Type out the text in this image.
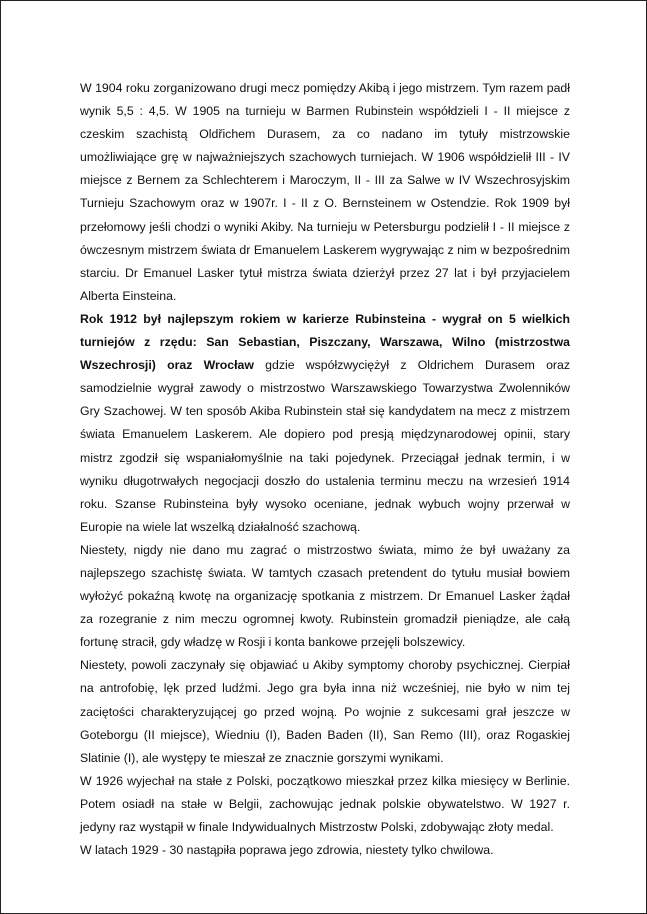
W 1904 roku zorganizowano drugi mecz pomiędzy Akibą i jego mistrzem. Tym razem padł wynik 5,5 : 4,5. W 1905 na turnieju w Barmen Rubinstein współdzieli I - II miejsce z czeskim szachistą Oldřichem Durasem, za co nadano im tytuły mistrzowskie umożliwiające grę w najważniejszych szachowych turniejach. W 1906 współdzielił III - IV miejsce z Bernem za Schlechterem i Maroczym, II - III za Salwe w IV Wszechrosyjskim Turnieju Szachowym oraz w 1907r. I - II z O. Bernsteinem w Ostendzie. Rok 1909 był przełomowy jeśli chodzi o wyniki Akiby. Na turnieju w Petersburgu podzielił I - II miejsce z ówczesnym mistrzem świata dr Emanuelem Laskerem wygrywając z nim w bezpośrednim starciu. Dr Emanuel Lasker tytuł mistrza świata dzierżył przez 27 lat i był przyjacielem Alberta Einsteina.

Rok 1912 był najlepszym rokiem w karierze Rubinsteina - wygrał on 5 wielkich turniejów z rzędu: San Sebastian, Piszczany, Warszawa, Wilno (mistrzostwa Wszechrosji) oraz Wrocław gdzie współzwyciężył z Oldrichem Durasem oraz samodzielnie wygrał zawody o mistrzostwo Warszawskiego Towarzystwa Zwolenników Gry Szachowej. W ten sposób Akiba Rubinstein stał się kandydatem na mecz z mistrzem świata Emanuelem Laskerem. Ale dopiero pod presją międzynarodowej opinii, stary mistrz zgodził się wspaniałomyślnie na taki pojedynek. Przeciągał jednak termin, i w wyniku długotrwałych negocjacji doszło do ustalenia terminu meczu na wrzesień 1914 roku. Szanse Rubinsteina były wysoko oceniane, jednak wybuch wojny przerwał w Europie na wiele lat wszelką działalność szachową.

Niestety, nigdy nie dano mu zagrać o mistrzostwo świata, mimo że był uważany za najlepszego szachistę świata. W tamtych czasach pretendent do tytułu musiał bowiem wyłożyć pokaźną kwotę na organizację spotkania z mistrzem. Dr Emanuel Lasker żądał za rozegranie z nim meczu ogromnej kwoty. Rubinstein gromadził pieniądze, ale całą fortunę stracił, gdy władzę w Rosji i konta bankowe przejęli bolszewicy.

Niestety, powoli zaczynały się objawiać u Akiby symptomy choroby psychicznej. Cierpiał na antrofobię, lęk przed ludźmi. Jego gra była inna niż wcześniej, nie było w nim tej zaciętości charakteryzującej go przed wojną. Po wojnie z sukcesami grał jeszcze w Goteborgu (II miejsce), Wiedniu (I), Baden Baden (II), San Remo (III), oraz Rogaskiej Slatinie (I), ale występy te mieszał ze znacznie gorszymi wynikami.

W 1926 wyjechał na stałe z Polski, początkowo mieszkał przez kilka miesięcy w Berlinie. Potem osiadł na stałe w Belgii, zachowując jednak polskie obywatelstwo. W 1927 r. jedyny raz wystąpił w finale Indywidualnych Mistrzostw Polski, zdobywając złoty medal.

W latach 1929 - 30 nastąpiła poprawa jego zdrowia, niestety tylko chwilowa.
